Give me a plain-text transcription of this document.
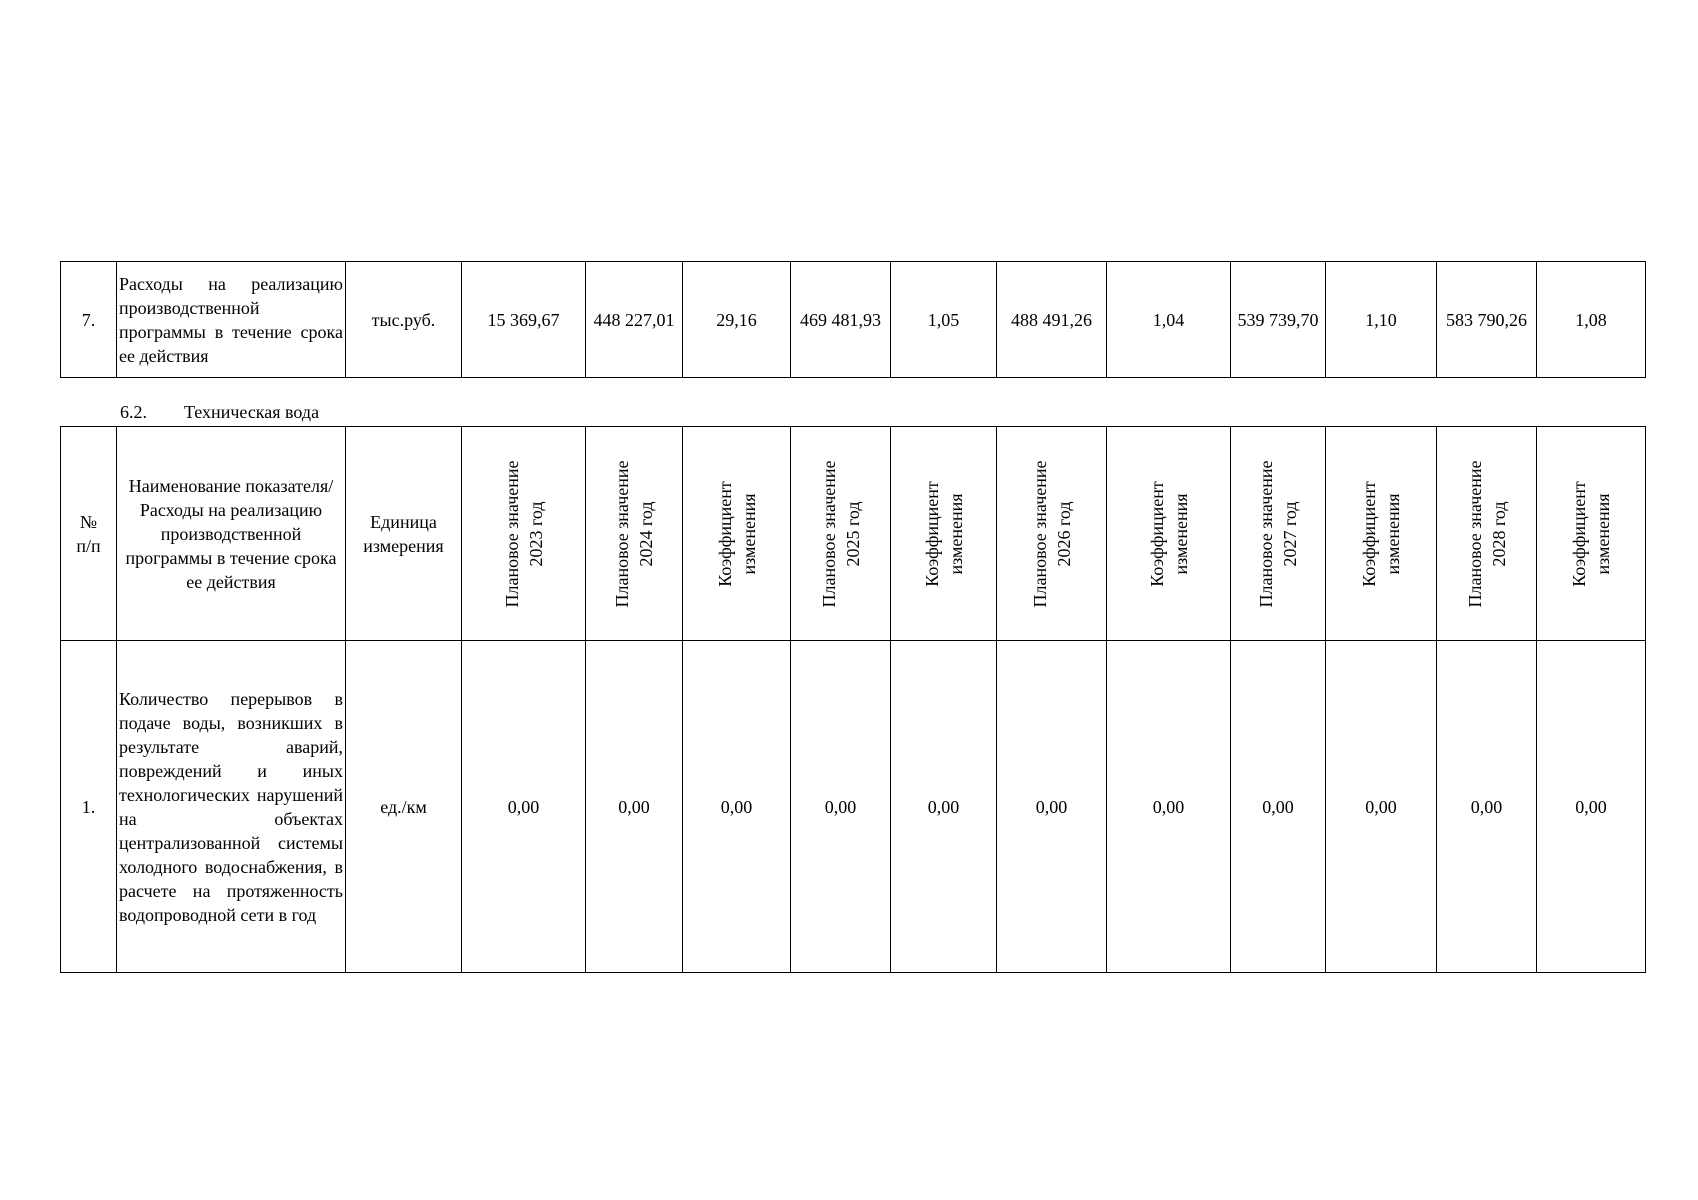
7.	Расходы на реализацию производственной программы в течение срока ее действия	тыс.руб.	15 369,67	448 227,01	29,16	469 481,93	1,05	488 491,26	1,04	539 739,70	1,10	583 790,26	1,08
6.2. Техническая вода
№ п/п	Наименование показателя/Расходы на реализацию производственной программы в течение срока ее действия	Единица измерения	Плановое значение 2023 год	Плановое значение 2024 год	Коэффициент изменения	Плановое значение 2025 год	Коэффициент изменения	Плановое значение 2026 год	Коэффициент изменения	Плановое значение 2027 год	Коэффициент изменения	Плановое значение 2028 год	Коэффициент изменения

1.	Количество перерывов в подаче воды, возникших в результате аварий, повреждений и иных технологических нарушений на объектах централизованной системы холодного водоснабжения, в расчете на протяженность водопроводной сети в год	ед./км	0,00	0,00	0,00	0,00	0,00	0,00	0,00	0,00	0,00	0,00	0,00
